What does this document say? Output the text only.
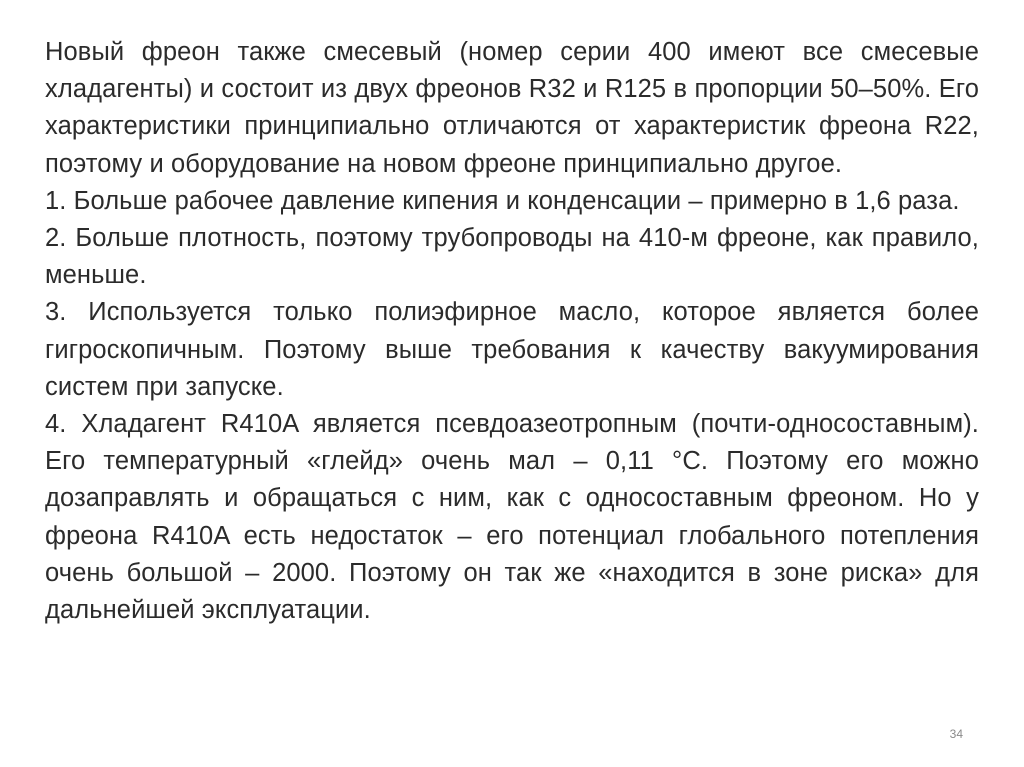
Новый фреон также смесевый (номер серии 400 имеют все смесевые хладагенты) и состоит из двух фреонов R32 и R125 в пропорции 50–50%. Его характеристики принципиально отличаются от характеристик фреона R22, поэтому и оборудование на новом фреоне принципиально другое.

1. Больше рабочее давление кипения и конденсации – примерно в 1,6 раза.

2. Больше плотность, поэтому трубопроводы на 410-м фреоне, как правило, меньше.

3. Используется только полиэфирное масло, которое является более гигроскопичным. Поэтому выше требования к качеству вакуумирования систем при запуске.

4. Хладагент R410A является псевдоазеотропным (почти-односоставным). Его температурный «глейд» очень мал – 0,11 °С. Поэтому его можно дозаправлять и обращаться с ним, как с односоставным фреоном. Но у фреона R410A есть недостаток – его потенциал глобального потепления очень большой – 2000. Поэтому он так же «находится в зоне риска» для дальнейшей эксплуатации.

34
